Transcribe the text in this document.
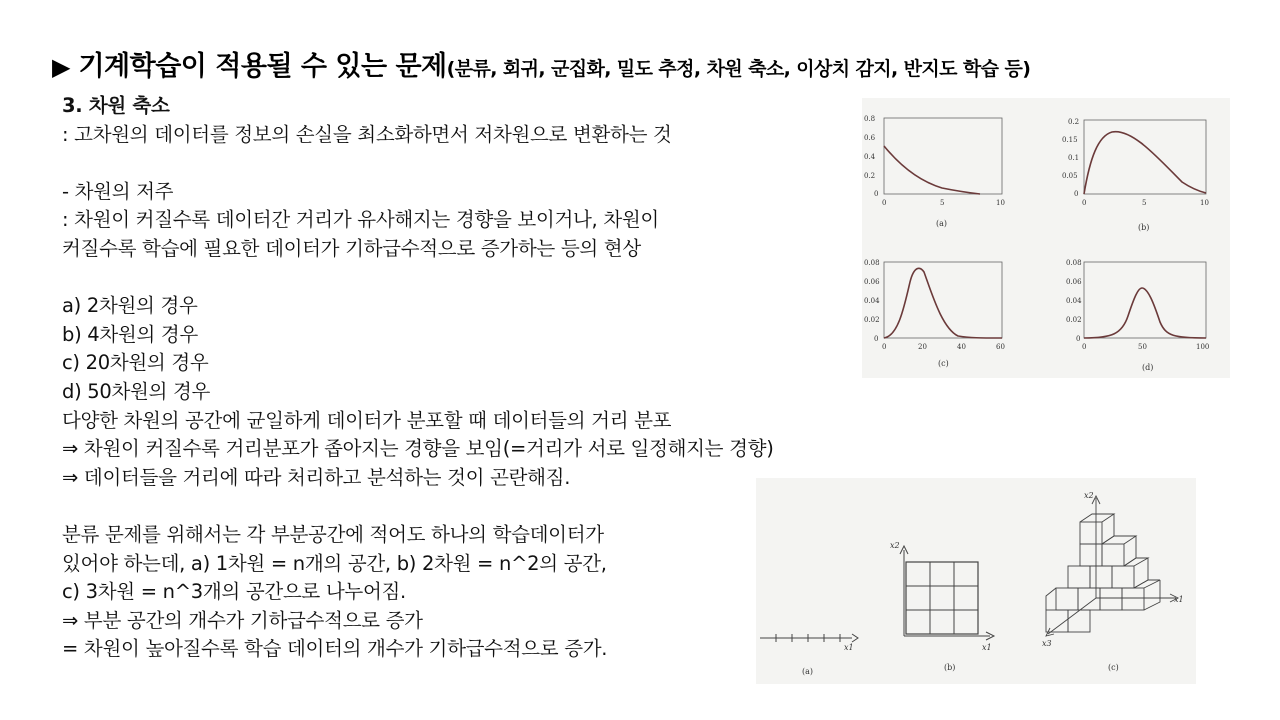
▶ 기계학습이 적용될 수 있는 문제(분류, 회귀, 군집화, 밀도 추정, 차원 축소, 이상치 감지, 반지도 학습 등)
3. 차원 축소
: 고차원의 데이터를 정보의 손실을 최소화하면서 저차원으로 변환하는 것
- 차원의 저주
: 차원이 커질수록 데이터간 거리가 유사해지는 경향을 보이거나, 차원이
커질수록 학습에 필요한 데이터가 기하급수적으로 증가하는 등의 현상
a) 2차원의 경우
b) 4차원의 경우
c) 20차원의 경우
d) 50차원의 경우
다양한 차원의 공간에 균일하게 데이터가 분포할 때 데이터들의 거리 분포
⇒ 차원이 커질수록 거리분포가 좁아지는 경향을 보임(=거리가 서로 일정해지는 경향)
⇒ 데이터들을 거리에 따라 처리하고 분석하는 것이 곤란해짐.
분류 문제를 위해서는 각 부분공간에 적어도 하나의 학습데이터가
있어야 하는데, a) 1차원 = n개의 공간, b) 2차원 = n^2의 공간,
c) 3차원 = n^3개의 공간으로 나누어짐.
⇒ 부분 공간의 개수가 기하급수적으로 증가
= 차원이 높아질수록 학습 데이터의 개수가 기하급수적으로 증가.
0.8
0.6
0.4
0.2
0
0	5	10
(a)
0.2
0.15
0.1
0.05
0
0	5	10
(b)
0.08
0.06
0.04
0.02
0
0	20	40	60
(c)
0.08
0.06
0.04
0.02
0
0	50	100
(d)
x1
(a)
x2
x1
(b)
x2
x1
x3
(c)
